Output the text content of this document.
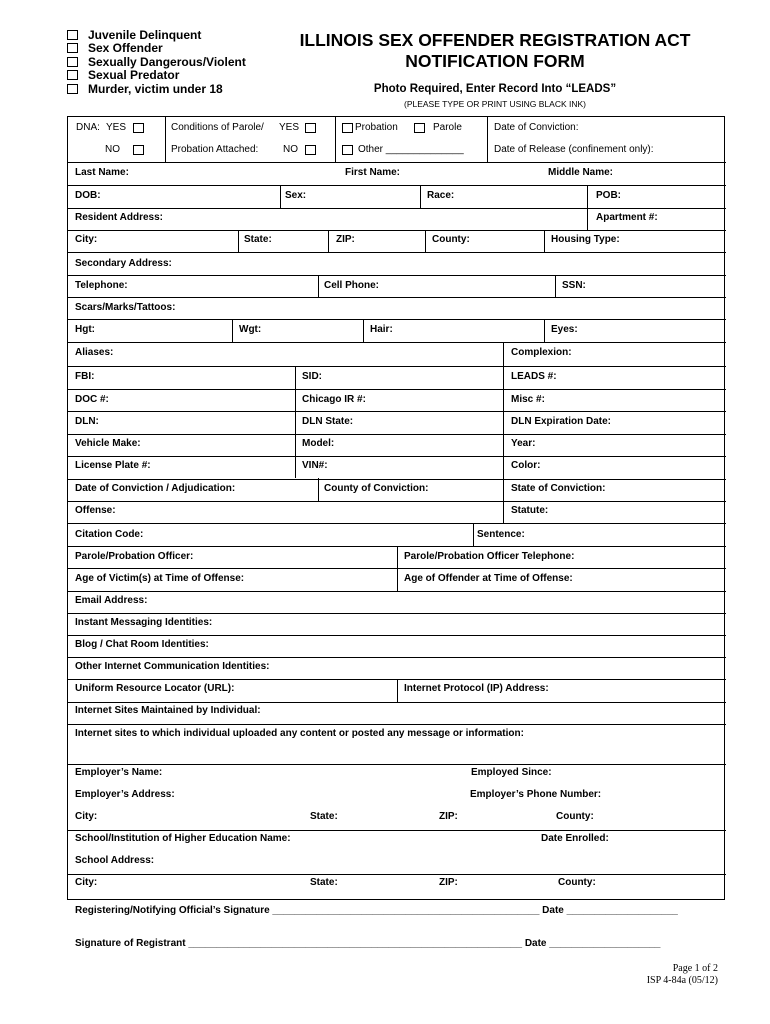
Juvenile Delinquent
Sex Offender
Sexually Dangerous/Violent
Sexual Predator
Murder, victim under 18
ILLINOIS SEX OFFENDER REGISTRATION ACT
NOTIFICATION FORM
Photo Required, Enter Record Into “LEADS”
(PLEASE TYPE OR PRINT USING BLACK INK)
DNA: YES
NO
Conditions of Parole/ YES
Probation Attached: NO
Probation	Parole
Other ______________
Date of Conviction:
Date of Release (confinement only):
Last Name:	First Name:	Middle Name:
DOB:	Sex:	Race:	POB:
Resident Address:	Apartment #:
City:	State:	ZIP:	County:	Housing Type:
Secondary Address:
Telephone:	Cell Phone:	SSN:
Scars/Marks/Tattoos:
Hgt:	Wgt:	Hair:	Eyes:
Aliases:	Complexion:
FBI:	SID:	LEADS #:
DOC #:	Chicago IR #:	Misc #:
DLN:	DLN State:	DLN Expiration Date:
Vehicle Make:	Model:	Year:
License Plate #:	VIN#:	Color:
Date of Conviction / Adjudication:	County of Conviction:	State of Conviction:
Offense:	Statute:
Citation Code:	Sentence:
Parole/Probation Officer:	Parole/Probation Officer Telephone:
Age of Victim(s) at Time of Offense:	Age of Offender at Time of Offense:
Email Address:
Instant Messaging Identities:
Blog / Chat Room Identities:
Other Internet Communication Identities:
Uniform Resource Locator (URL):	Internet Protocol (IP) Address:
Internet Sites Maintained by Individual:
Internet sites to which individual uploaded any content or posted any message or information:
Employer’s Name:	Employed Since:
Employer’s Address:	Employer’s Phone Number:
City:	State:	ZIP:	County:
School/Institution of Higher Education Name:	Date Enrolled:
School Address:
City:	State:	ZIP:	County:
Registering/Notifying Official’s Signature ________________________________________________ Date ____________________
Signature of Registrant ____________________________________________________________ Date ____________________
Page 1 of 2
ISP 4-84a (05/12)
